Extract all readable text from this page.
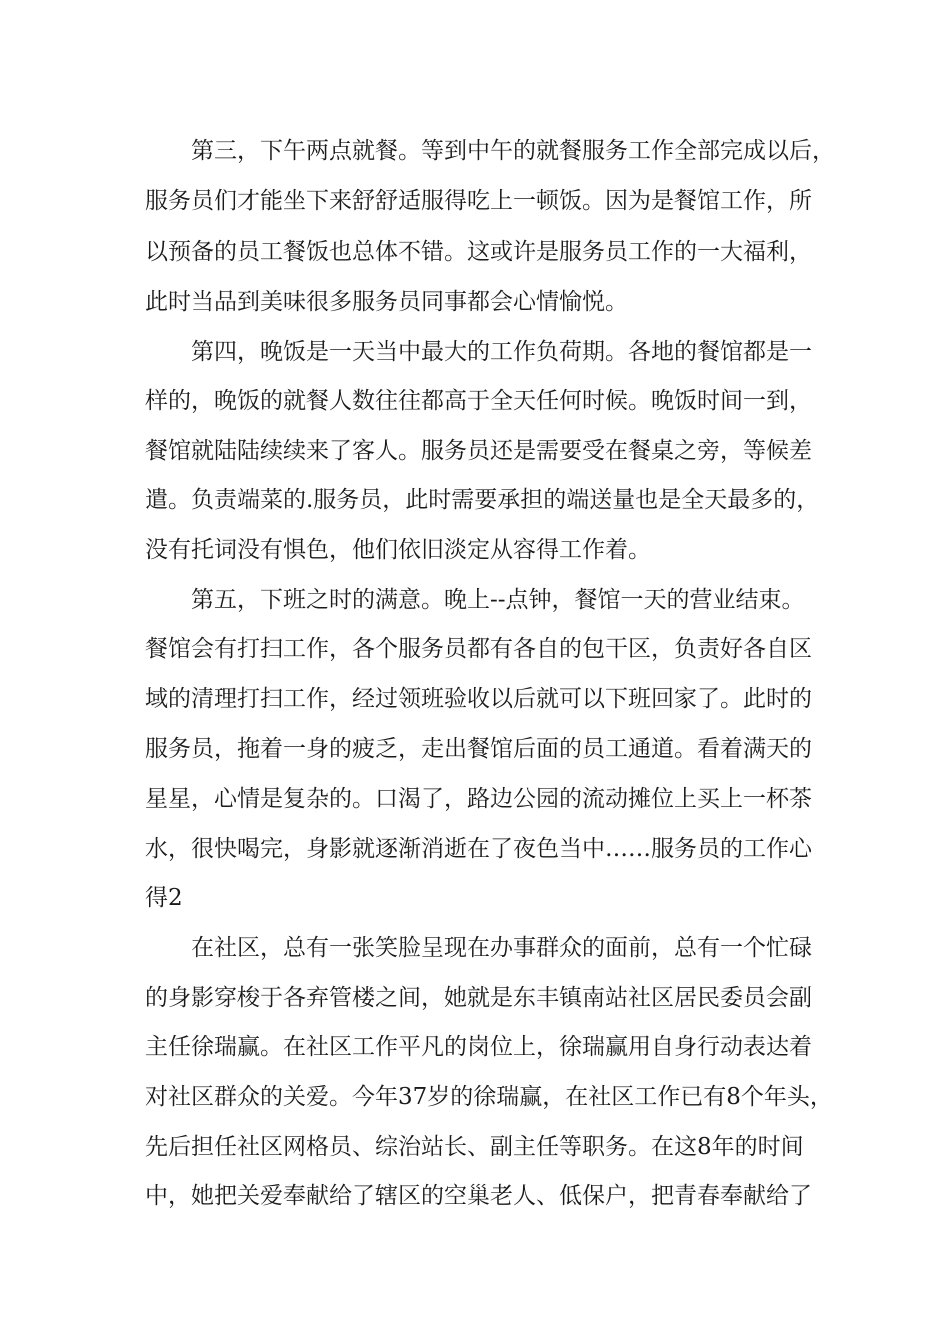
第三，下午两点就餐。等到中午的就餐服务工作全部完成以后，
服务员们才能坐下来舒舒适服得吃上一顿饭。因为是餐馆工作，所
以预备的员工餐饭也总体不错。这或许是服务员工作的一大福利，
此时当品到美味很多服务员同事都会心情愉悦。
第四，晚饭是一天当中最大的工作负荷期。各地的餐馆都是一
样的，晚饭的就餐人数往往都高于全天任何时候。晚饭时间一到，
餐馆就陆陆续续来了客人。服务员还是需要受在餐桌之旁，等候差
遣。负责端菜的.服务员，此时需要承担的端送量也是全天最多的，
没有托词没有惧色，他们依旧淡定从容得工作着。
第五，下班之时的满意。晚上--点钟，餐馆一天的营业结束。
餐馆会有打扫工作，各个服务员都有各自的包干区，负责好各自区
域的清理打扫工作，经过领班验收以后就可以下班回家了。此时的
服务员，拖着一身的疲乏，走出餐馆后面的员工通道。看着满天的
星星，心情是复杂的。口渴了，路边公园的流动摊位上买上一杯茶
水，很快喝完，身影就逐渐消逝在了夜色当中……服务员的工作心
得2
在社区，总有一张笑脸呈现在办事群众的面前，总有一个忙碌
的身影穿梭于各弃管楼之间，她就是东丰镇南站社区居民委员会副
主任徐瑞赢。在社区工作平凡的岗位上，徐瑞赢用自身行动表达着
对社区群众的关爱。今年37岁的徐瑞赢，在社区工作已有8个年头，
先后担任社区网格员、综治站长、副主任等职务。在这8年的时间
中，她把关爱奉献给了辖区的空巢老人、低保户，把青春奉献给了
